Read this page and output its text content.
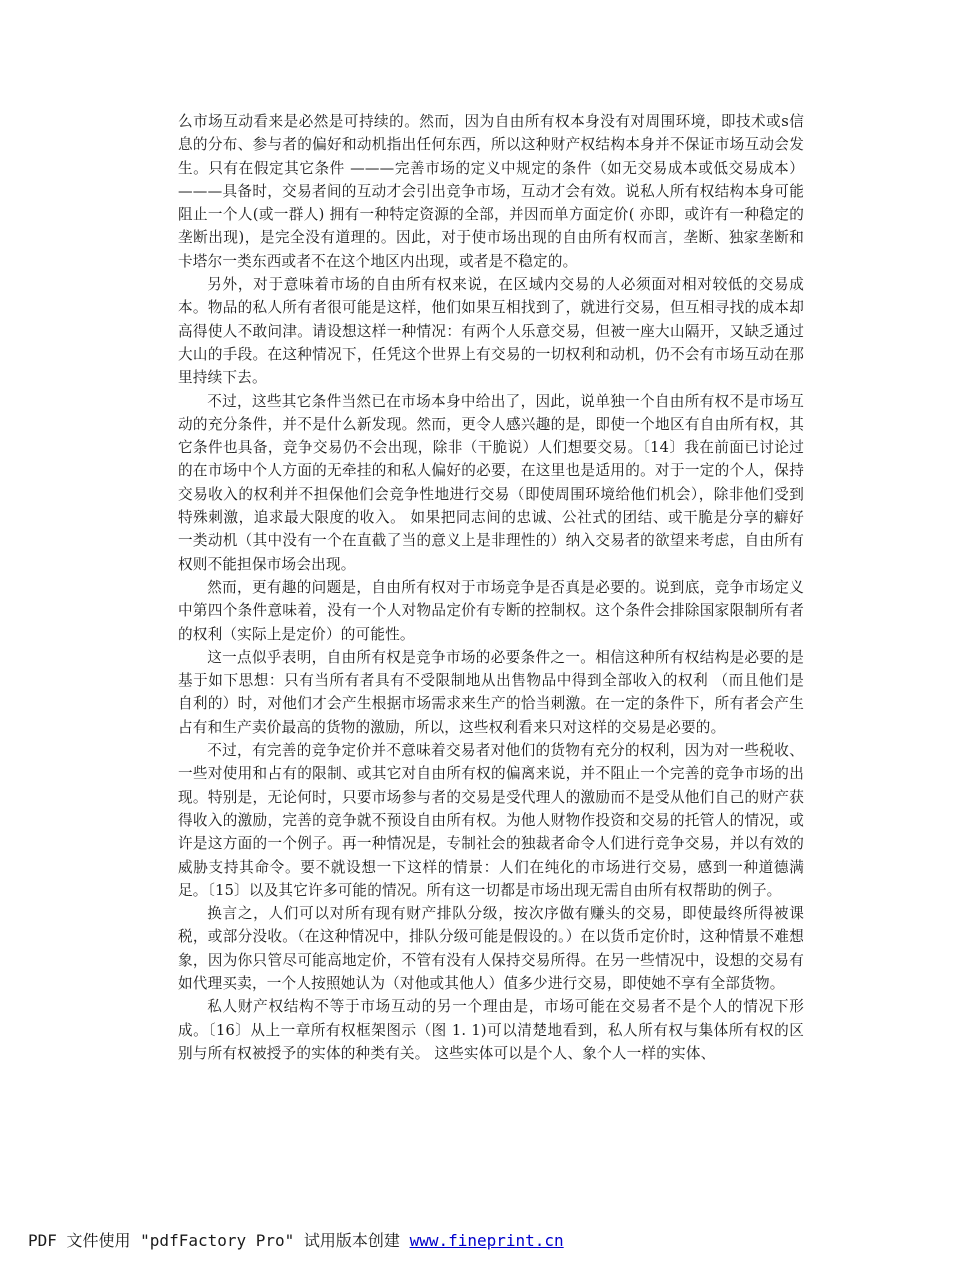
么市场互动看来是必然是可持续的。然而，因为自由所有权本身没有对周围环境，即技术或s信息的分布、参与者的偏好和动机指出任何东西，所以这种财产权结构本身并不保证市场互动会发生。只有在假定其它条件 ———完善市场的定义中规定的条件（如无交易成本或低交易成本） ———具备时，交易者间的互动才会引出竞争市场，互动才会有效。说私人所有权结构本身可能阻止一个人(或一群人) 拥有一种特定资源的全部，并因而单方面定价( 亦即，或许有一种稳定的垄断出现)，是完全没有道理的。因此，对于使市场出现的自由所有权而言，垄断、独家垄断和卡塔尔一类东西或者不在这个地区内出现，或者是不稳定的。

另外，对于意味着市场的自由所有权来说，在区域内交易的人必须面对相对较低的交易成本。物品的私人所有者很可能是这样，他们如果互相找到了，就进行交易，但互相寻找的成本却高得使人不敢问津。请设想这样一种情况：有两个人乐意交易，但被一座大山隔开，又缺乏通过大山的手段。在这种情况下，任凭这个世界上有交易的一切权利和动机，仍不会有市场互动在那里持续下去。

不过，这些其它条件当然已在市场本身中给出了，因此，说单独一个自由所有权不是市场互动的充分条件，并不是什么新发现。然而，更令人感兴趣的是，即使一个地区有自由所有权，其它条件也具备，竞争交易仍不会出现，除非（干脆说）人们想要交易。〔14〕我在前面已讨论过的在市场中个人方面的无牵挂的和私人偏好的必要，在这里也是适用的。对于一定的个人，保持交易收入的权利并不担保他们会竞争性地进行交易（即使周围环境给他们机会），除非他们受到特殊刺激，追求最大限度的收入。 如果把同志间的忠诚、公社式的团结、或干脆是分享的癖好一类动机（其中没有一个在直截了当的意义上是非理性的）纳入交易者的欲望来考虑，自由所有权则不能担保市场会出现。

然而，更有趣的问题是，自由所有权对于市场竞争是否真是必要的。说到底，竞争市场定义中第四个条件意味着，没有一个人对物品定价有专断的控制权。这个条件会排除国家限制所有者的权利（实际上是定价）的可能性。

这一点似乎表明，自由所有权是竞争市场的必要条件之一。相信这种所有权结构是必要的是基于如下思想：只有当所有者具有不受限制地从出售物品中得到全部收入的权利 （而且他们是自利的）时，对他们才会产生根据市场需求来生产的恰当刺激。在一定的条件下，所有者会产生占有和生产卖价最高的货物的激励，所以，这些权利看来只对这样的交易是必要的。

不过，有完善的竞争定价并不意味着交易者对他们的货物有充分的权利，因为对一些税收、一些对使用和占有的限制、或其它对自由所有权的偏离来说，并不阻止一个完善的竞争市场的出现。特别是，无论何时，只要市场参与者的交易是受代理人的激励而不是受从他们自己的财产获得收入的激励，完善的竞争就不预设自由所有权。为他人财物作投资和交易的托管人的情况，或许是这方面的一个例子。再一种情况是，专制社会的独裁者命令人们进行竞争交易，并以有效的威胁支持其命令。要不就设想一下这样的情景：人们在纯化的市场进行交易，感到一种道德满足。〔15〕以及其它许多可能的情况。所有这一切都是市场出现无需自由所有权帮助的例子。

换言之，人们可以对所有现有财产排队分级，按次序做有赚头的交易，即使最终所得被课税，或部分没收。（在这种情况中，排队分级可能是假设的。）在以货币定价时，这种情景不难想象，因为你只管尽可能高地定价，不管有没有人保持交易所得。在另一些情况中，设想的交易有如代理买卖，一个人按照她认为（对他或其他人）值多少进行交易，即使她不享有全部货物。

私人财产权结构不等于市场互动的另一个理由是，市场可能在交易者不是个人的情况下形成。〔16〕从上一章所有权框架图示（图 1. 1)可以清楚地看到，私人所有权与集体所有权的区别与所有权被授予的实体的种类有关。 这些实体可以是个人、象个人一样的实体、

PDF 文件使用 "pdfFactory Pro" 试用版本创建 www.fineprint.cn
